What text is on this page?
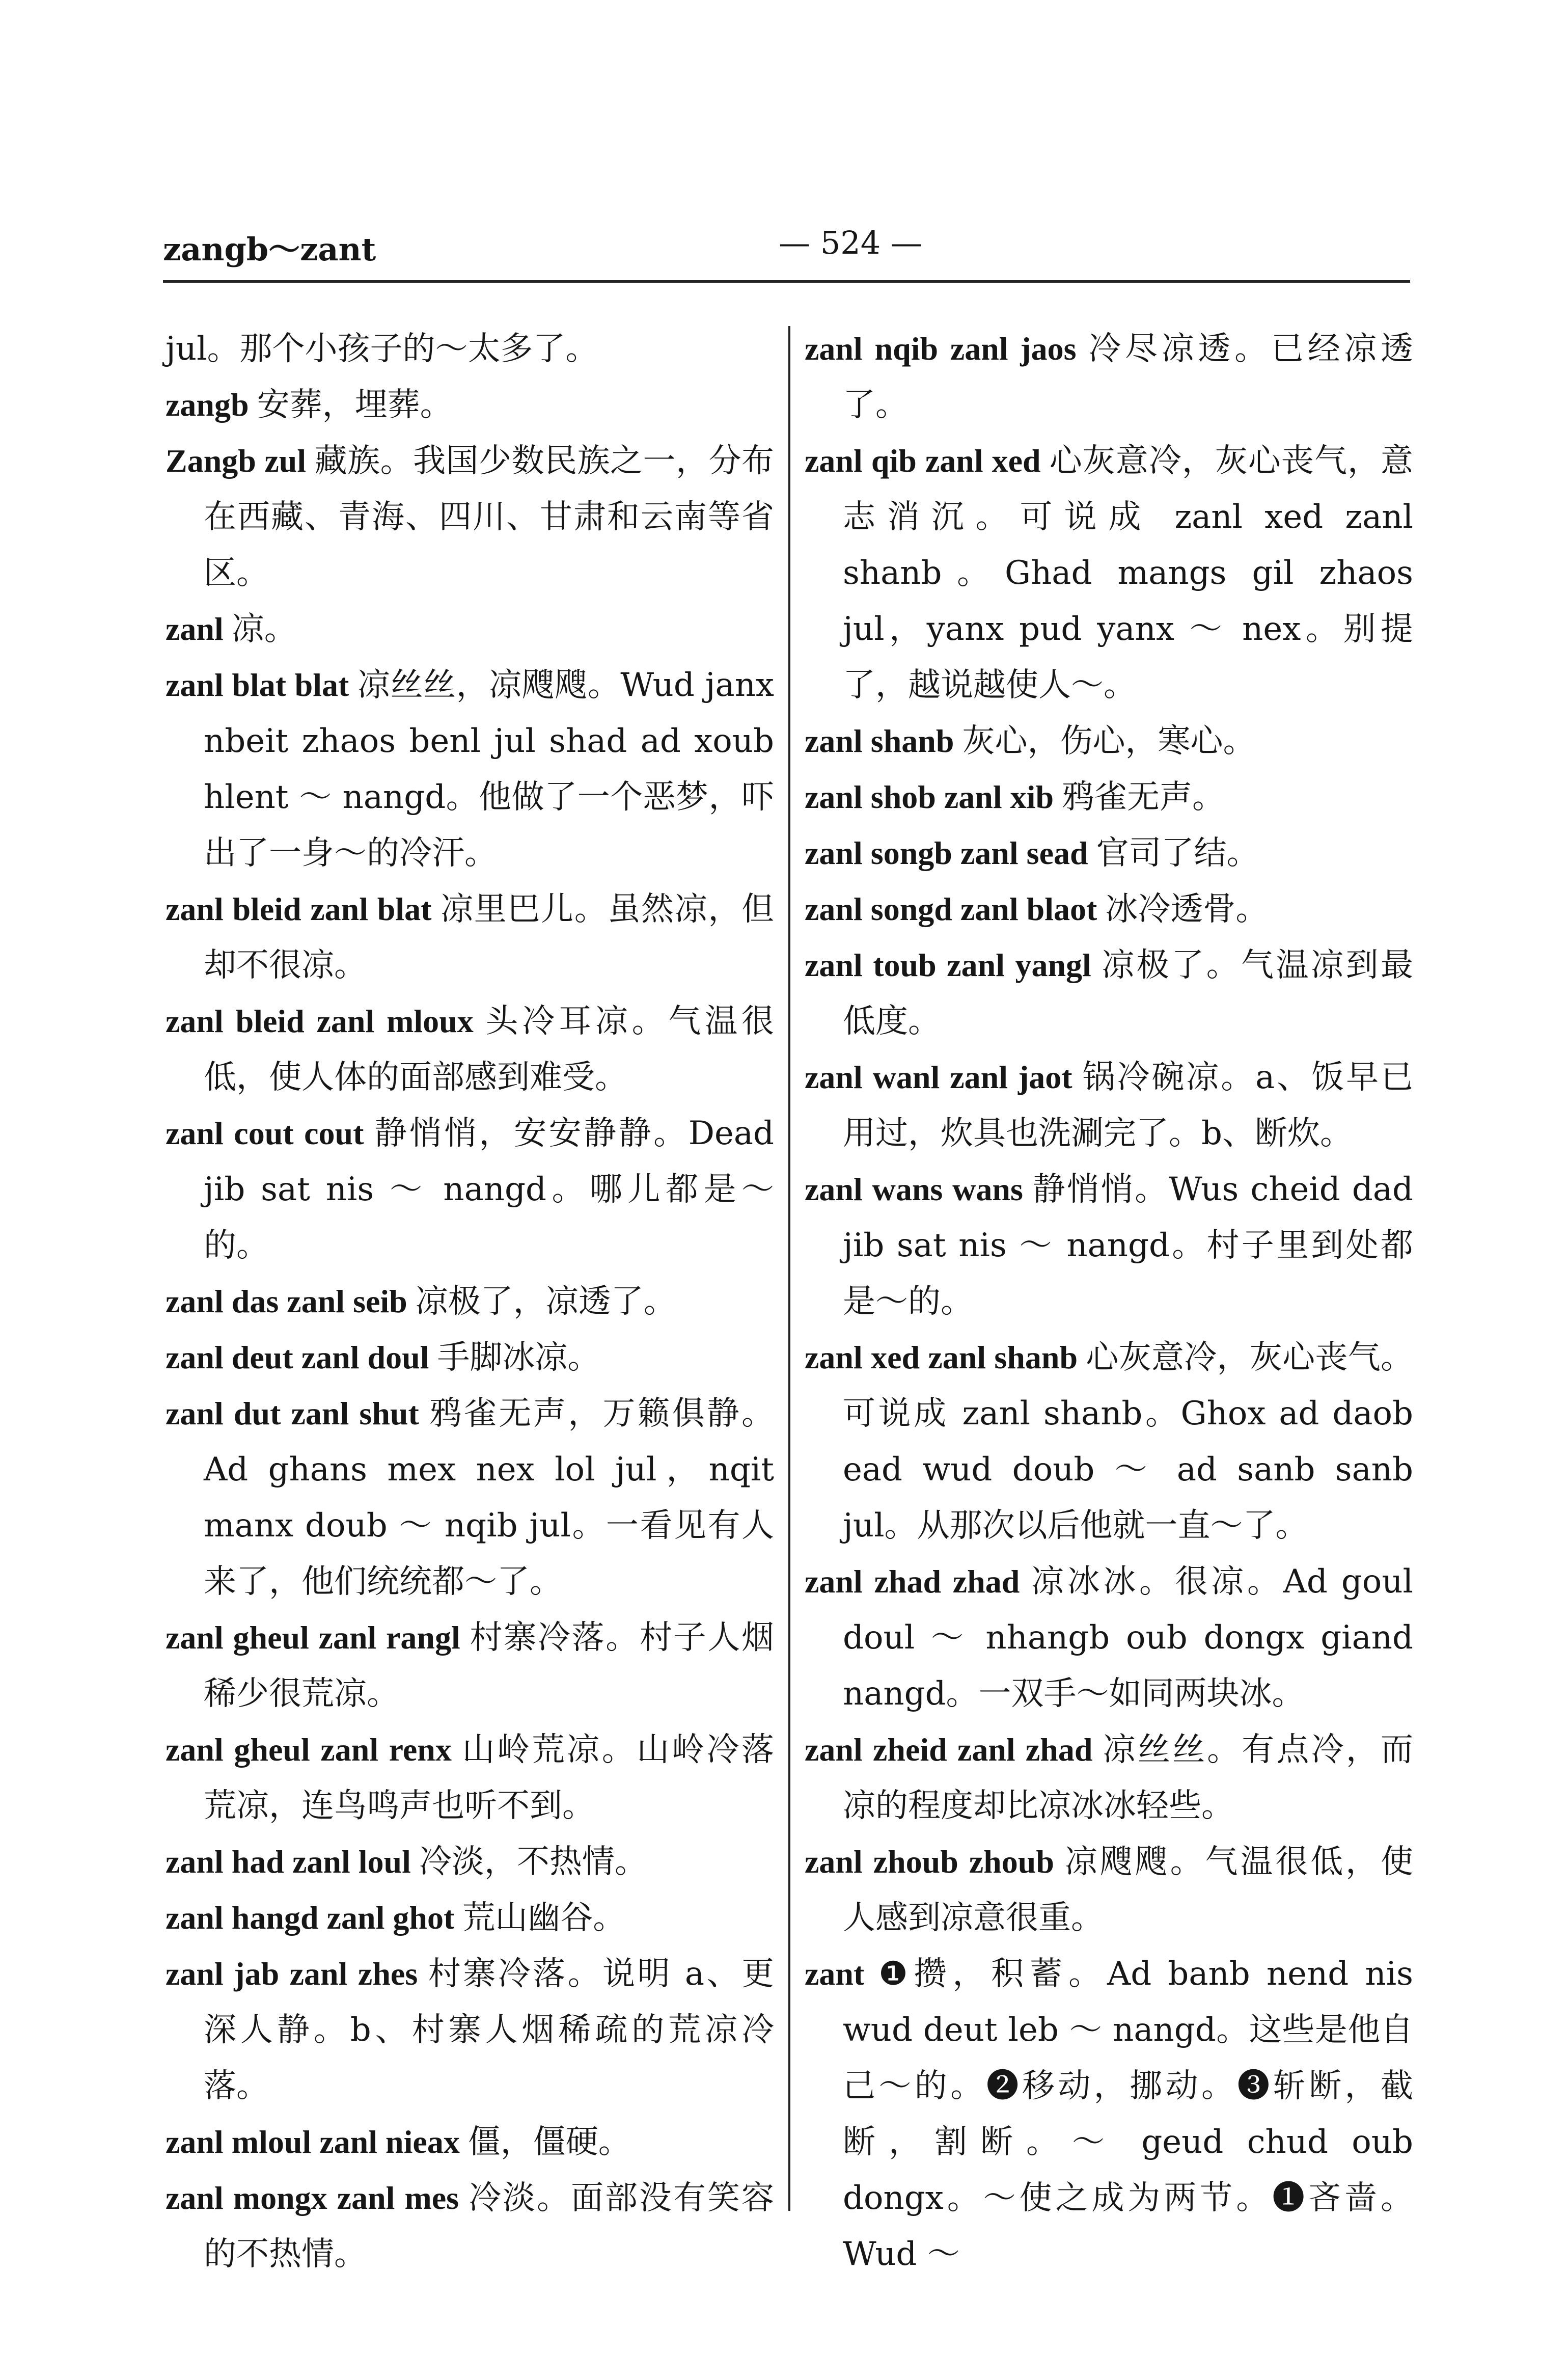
zangb～zant	— 524 —
jul。那个小孩子的～太多了。
zangb 安葬，埋葬。
Zangb zul 藏族。我国少数民族之一，分布在西藏、青海、四川、甘肃和云南等省区。
zanl 凉。
zanl blat blat 凉丝丝，凉飕飕。Wud janx nbeit zhaos benl jul shad ad xoub hlent ～ nangd。他做了一个恶梦，吓出了一身～的冷汗。
zanl bleid zanl blat 凉里巴儿。虽然凉，但却不很凉。
zanl bleid zanl mloux 头冷耳凉。气温很低，使人体的面部感到难受。
zanl cout cout 静悄悄，安安静静。Dead jib sat nis ～ nangd。哪儿都是～的。
zanl das zanl seib 凉极了，凉透了。
zanl deut zanl doul 手脚冰凉。
zanl dut zanl shut 鸦雀无声，万籁俱静。Ad ghans mex nex lol jul，nqit manx doub ～ nqib jul。一看见有人来了，他们统统都～了。
zanl gheul zanl rangl 村寨冷落。村子人烟稀少很荒凉。
zanl gheul zanl renx 山岭荒凉。山岭冷落荒凉，连鸟鸣声也听不到。
zanl had zanl loul 冷淡，不热情。
zanl hangd zanl ghot 荒山幽谷。
zanl jab zanl zhes 村寨冷落。说明 a、更深人静。b、村寨人烟稀疏的荒凉冷落。
zanl mloul zanl nieax 僵，僵硬。
zanl mongx zanl mes 冷淡。面部没有笑容的不热情。
zanl nqib zanl jaos 冷尽凉透。已经凉透了。
zanl qib zanl xed 心灰意冷，灰心丧气，意志消沉。可说成 zanl xed zanl shanb。Ghad mangs gil zhaos jul，yanx pud yanx ～ nex。别提了，越说越使人～。
zanl shanb 灰心，伤心，寒心。
zanl shob zanl xib 鸦雀无声。
zanl songb zanl sead 官司了结。
zanl songd zanl blaot 冰冷透骨。
zanl toub zanl yangl 凉极了。气温凉到最低度。
zanl wanl zanl jaot 锅冷碗凉。a、饭早已用过，炊具也洗涮完了。b、断炊。
zanl wans wans 静悄悄。Wus cheid dad jib sat nis ～ nangd。村子里到处都是～的。
zanl xed zanl shanb 心灰意冷，灰心丧气。可说成 zanl shanb。Ghox ad daob ead wud doub ～ ad sanb sanb jul。从那次以后他就一直～了。
zanl zhad zhad 凉冰冰。很凉。Ad goul doul ～ nhangb oub dongx giand nangd。一双手～如同两块冰。
zanl zheid zanl zhad 凉丝丝。有点冷，而凉的程度却比凉冰冰轻些。
zanl zhoub zhoub 凉飕飕。气温很低，使人感到凉意很重。
zant ❶攒，积蓄。Ad banb nend nis wud deut leb ～ nangd。这些是他自己～的。❷移动，挪动。❸斩断，截断，割断。～ geud chud oub dongx。～使之成为两节。❶吝啬。Wud ～
